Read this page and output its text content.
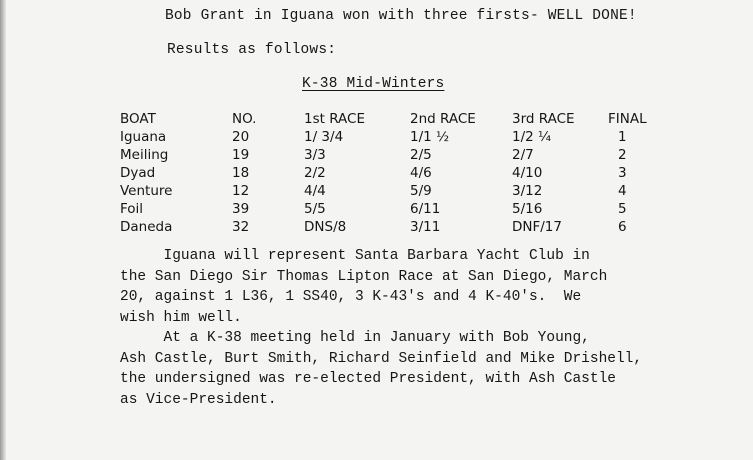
Bob Grant in Iguana won with three firsts- WELL DONE!
Results as follows:
K-38 Mid-Winters
BOAT	NO.	1st RACE	2nd RACE	3rd RACE	FINAL
Iguana	20	1/ 3/4	1/1 ½	1/2 ¼	1
Meiling	19	3/3	2/5	2/7	2
Dyad	18	2/2	4/6	4/10	3
Venture	12	4/4	5/9	3/12	4
Foil	39	5/5	6/11	5/16	5
Daneda	32	DNS/8	3/11	DNF/17	6
Iguana will represent Santa Barbara Yacht Club in
the San Diego Sir Thomas Lipton Race at San Diego, March
20, against 1 L36, 1 SS40, 3 K-43's and 4 K-40's.  We
wish him well.
At a K-38 meeting held in January with Bob Young,
Ash Castle, Burt Smith, Richard Seinfield and Mike Drishell,
the undersigned was re-elected President, with Ash Castle
as Vice-President.
